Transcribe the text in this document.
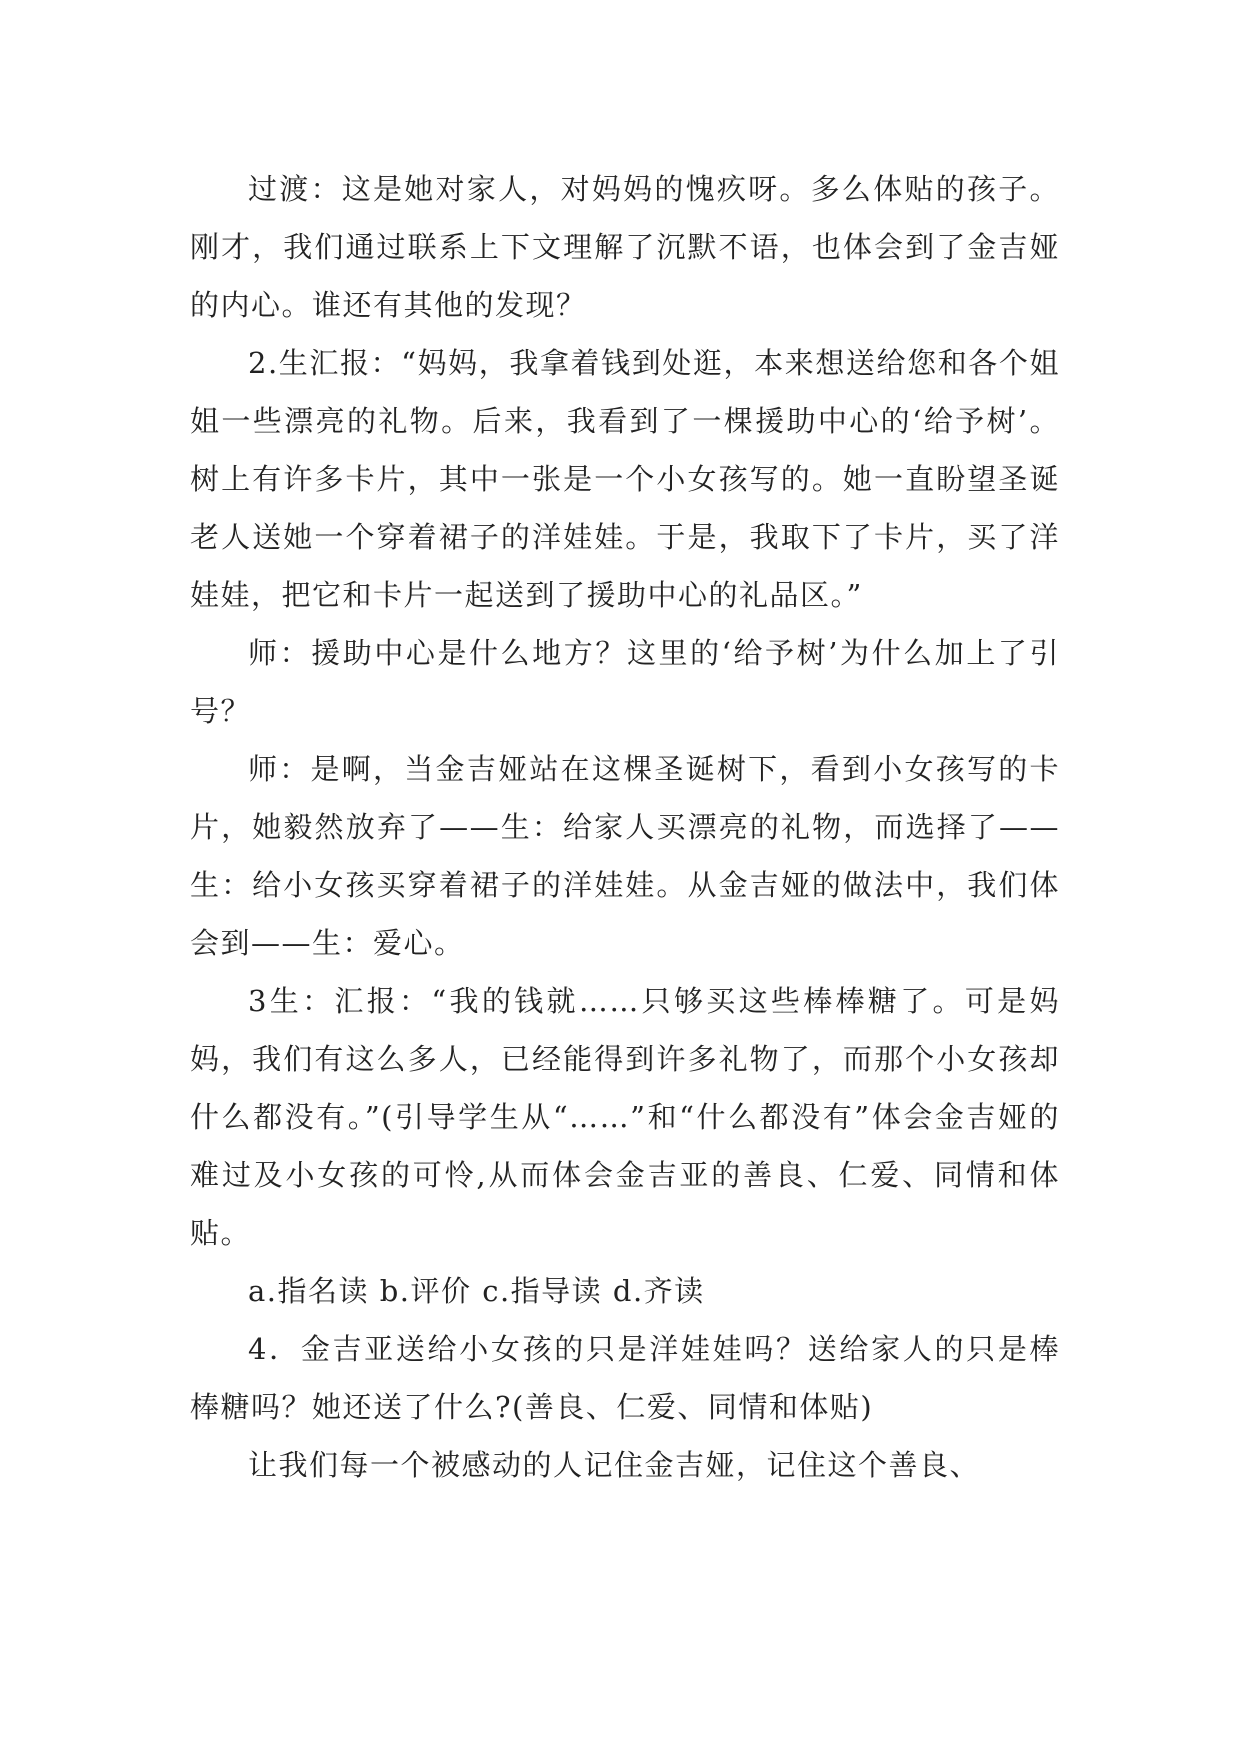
过渡：这是她对家人，对妈妈的愧疚呀。多么体贴的孩子。刚才，我们通过联系上下文理解了沉默不语，也体会到了金吉娅的内心。谁还有其他的发现？

2.生汇报：“妈妈，我拿着钱到处逛，本来想送给您和各个姐姐一些漂亮的礼物。后来，我看到了一棵援助中心的‘给予树’。树上有许多卡片，其中一张是一个小女孩写的。她一直盼望圣诞老人送她一个穿着裙子的洋娃娃。于是，我取下了卡片，买了洋娃娃，把它和卡片一起送到了援助中心的礼品区。”

师：援助中心是什么地方？这里的‘给予树’为什么加上了引号？

师：是啊，当金吉娅站在这棵圣诞树下，看到小女孩写的卡片，她毅然放弃了——生：给家人买漂亮的礼物，而选择了——生：给小女孩买穿着裙子的洋娃娃。从金吉娅的做法中，我们体会到——生：爱心。

3生：汇报：“我的钱就……只够买这些棒棒糖了。可是妈妈，我们有这么多人，已经能得到许多礼物了，而那个小女孩却什么都没有。”(引导学生从“……”和“什么都没有”体会金吉娅的难过及小女孩的可怜,从而体会金吉亚的善良、仁爱、同情和体贴。

a.指名读 b.评价 c.指导读 d.齐读

4．金吉亚送给小女孩的只是洋娃娃吗？送给家人的只是棒棒糖吗？她还送了什么?(善良、仁爱、同情和体贴)

让我们每一个被感动的人记住金吉娅，记住这个善良、
